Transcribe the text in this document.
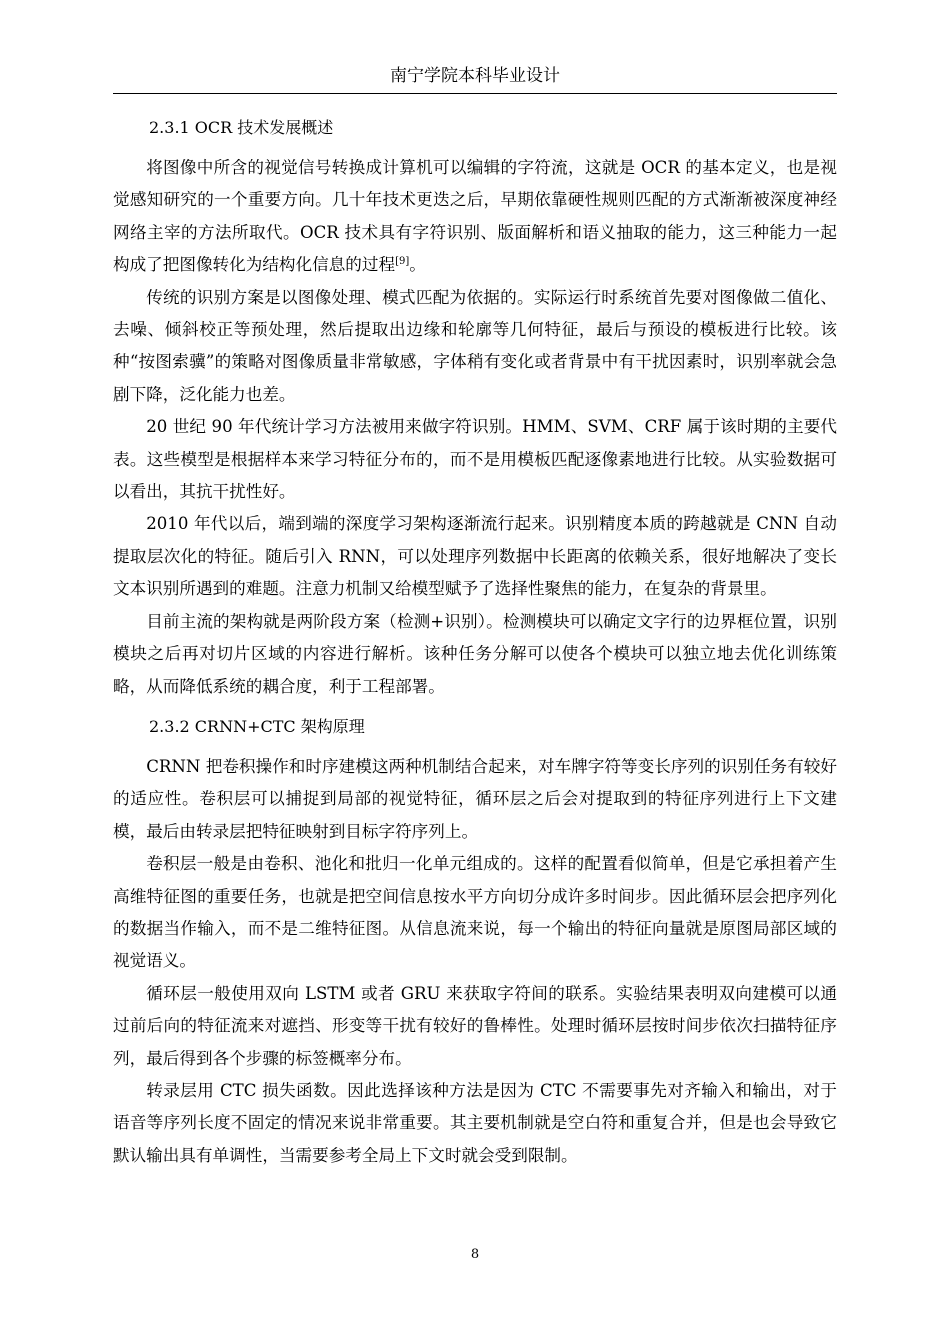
南宁学院本科毕业设计
2.3.1 OCR 技术发展概述

将图像中所含的视觉信号转换成计算机可以编辑的字符流，这就是 OCR 的基本定义，也是视觉感知研究的一个重要方向。几十年技术更迭之后，早期依靠硬性规则匹配的方式渐渐被深度神经网络主宰的方法所取代。OCR 技术具有字符识别、版面解析和语义抽取的能力，这三种能力一起构成了把图像转化为结构化信息的过程[9]。

传统的识别方案是以图像处理、模式匹配为依据的。实际运行时系统首先要对图像做二值化、去噪、倾斜校正等预处理，然后提取出边缘和轮廓等几何特征，最后与预设的模板进行比较。该种“按图索骥”的策略对图像质量非常敏感，字体稍有变化或者背景中有干扰因素时，识别率就会急剧下降，泛化能力也差。

20 世纪 90 年代统计学习方法被用来做字符识别。HMM、SVM、CRF 属于该时期的主要代表。这些模型是根据样本来学习特征分布的，而不是用模板匹配逐像素地进行比较。从实验数据可以看出，其抗干扰性好。

2010 年代以后，端到端的深度学习架构逐渐流行起来。识别精度本质的跨越就是 CNN 自动提取层次化的特征。随后引入 RNN，可以处理序列数据中长距离的依赖关系，很好地解决了变长文本识别所遇到的难题。注意力机制又给模型赋予了选择性聚焦的能力，在复杂的背景里。

目前主流的架构就是两阶段方案（检测+识别）。检测模块可以确定文字行的边界框位置，识别模块之后再对切片区域的内容进行解析。该种任务分解可以使各个模块可以独立地去优化训练策略，从而降低系统的耦合度，利于工程部署。

2.3.2 CRNN+CTC 架构原理

CRNN 把卷积操作和时序建模这两种机制结合起来，对车牌字符等变长序列的识别任务有较好的适应性。卷积层可以捕捉到局部的视觉特征，循环层之后会对提取到的特征序列进行上下文建模，最后由转录层把特征映射到目标字符序列上。

卷积层一般是由卷积、池化和批归一化单元组成的。这样的配置看似简单，但是它承担着产生高维特征图的重要任务，也就是把空间信息按水平方向切分成许多时间步。因此循环层会把序列化的数据当作输入，而不是二维特征图。从信息流来说，每一个输出的特征向量就是原图局部区域的视觉语义。

循环层一般使用双向 LSTM 或者 GRU 来获取字符间的联系。实验结果表明双向建模可以通过前后向的特征流来对遮挡、形变等干扰有较好的鲁棒性。处理时循环层按时间步依次扫描特征序列，最后得到各个步骤的标签概率分布。

转录层用 CTC 损失函数。因此选择该种方法是因为 CTC 不需要事先对齐输入和输出，对于语音等序列长度不固定的情况来说非常重要。其主要机制就是空白符和重复合并，但是也会导致它默认输出具有单调性，当需要参考全局上下文时就会受到限制。

8
